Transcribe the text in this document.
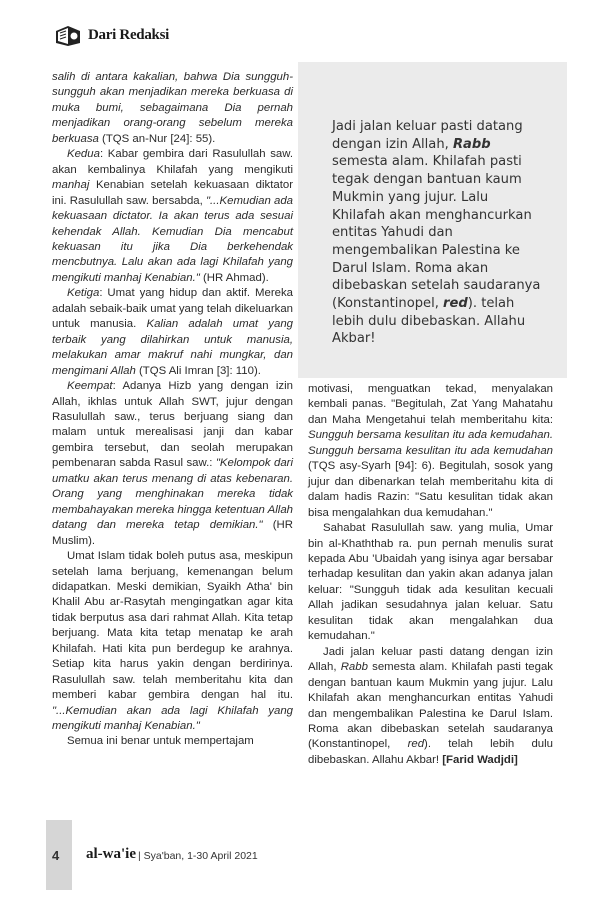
Dari Redaksi

salih di antara kakalian, bahwa Dia sungguh-sungguh akan menjadikan mereka berkuasa di muka bumi, sebagaimana Dia pernah menjadikan orang-orang sebelum mereka berkuasa (TQS an-Nur [24]: 55).

Kedua: Kabar gembira dari Rasulullah saw. akan kembalinya Khilafah yang mengikuti manhaj Kenabian setelah kekuasaan diktator ini. Rasulullah saw. bersabda, "...Kemudian ada kekuasaan dictator. Ia akan terus ada sesuai kehendak Allah. Kemudian Dia mencabut kekuasan itu jika Dia berkehendak mencbutnya. Lalu akan ada lagi Khilafah yang mengikuti manhaj Kenabian." (HR Ahmad).

Ketiga: Umat yang hidup dan aktif. Mereka adalah sebaik-baik umat yang telah dikeluarkan untuk manusia. Kalian adalah umat yang terbaik yang dilahirkan untuk manusia, melakukan amar makruf nahi mungkar, dan mengimani Allah (TQS Ali Imran [3]: 110).

Keempat: Adanya Hizb yang dengan izin Allah, ikhlas untuk Allah SWT, jujur dengan Rasulullah saw., terus berjuang siang dan malam untuk merealisasi janji dan kabar gembira tersebut, dan seolah merupakan pembenaran sabda Rasul saw.: "Kelompok dari umatku akan terus menang di atas kebenaran. Orang yang menghinakan mereka tidak membahayakan mereka hingga ketentuan Allah datang dan mereka tetap demikian." (HR Muslim).

Umat Islam tidak boleh putus asa, meskipun setelah lama berjuang, kemenangan belum didapatkan. Meski demikian, Syaikh Atha' bin Khalil Abu ar-Rasytah mengingatkan agar kita tidak berputus asa dari rahmat Allah. Kita tetap berjuang. Mata kita tetap menatap ke arah Khilafah. Hati kita pun berdegup ke arahnya. Setiap kita harus yakin dengan berdirinya. Rasulullah saw. telah memberitahu kita dan memberi kabar gembira dengan hal itu. "...Kemudian akan ada lagi Khilafah yang mengikuti manhaj Kenabian."

Semua ini benar untuk mempertajam

Jadi jalan keluar pasti datang dengan izin Allah, Rabb semesta alam. Khilafah pasti tegak dengan bantuan kaum Mukmin yang jujur. Lalu Khilafah akan menghancurkan entitas Yahudi dan mengembalikan Palestina ke Darul Islam. Roma akan dibebaskan setelah saudaranya (Konstantinopel, red). telah lebih dulu dibebaskan. Allahu Akbar!

motivasi, menguatkan tekad, menyalakan kembali panas. "Begitulah, Zat Yang Mahatahu dan Maha Mengetahui telah memberitahu kita: Sungguh bersama kesulitan itu ada kemudahan. Sungguh bersama kesulitan itu ada kemudahan (TQS asy-Syarh [94]: 6). Begitulah, sosok yang jujur dan dibenarkan telah memberitahu kita di dalam hadis Razin: "Satu kesulitan tidak akan bisa mengalahkan dua kemudahan."

Sahabat Rasulullah saw. yang mulia, Umar bin al-Khaththab ra. pun pernah menulis surat kepada Abu 'Ubaidah yang isinya agar bersabar terhadap kesulitan dan yakin akan adanya jalan keluar: "Sungguh tidak ada kesulitan kecuali Allah jadikan sesudahnya jalan keluar. Satu kesulitan tidak akan mengalahkan dua kemudahan."

Jadi jalan keluar pasti datang dengan izin Allah, Rabb semesta alam. Khilafah pasti tegak dengan bantuan kaum Mukmin yang jujur. Lalu Khilafah akan menghancurkan entitas Yahudi dan mengembalikan Palestina ke Darul Islam. Roma akan dibebaskan setelah saudaranya (Konstantinopel, red). telah lebih dulu dibebaskan. Allahu Akbar! [Farid Wadjdi]

4 al-wa'ie | Sya'ban, 1-30 April 2021
